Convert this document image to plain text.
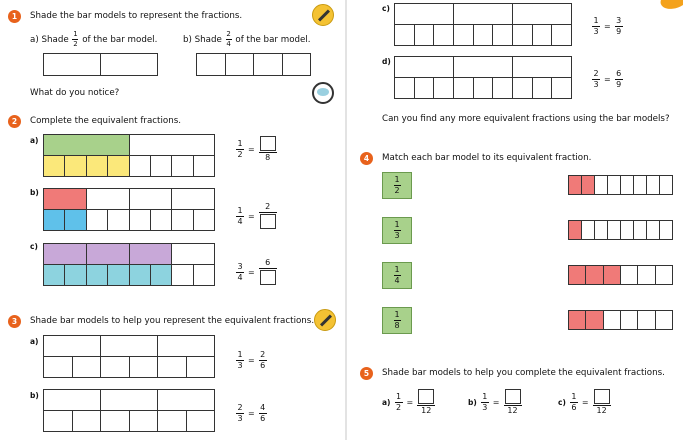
1	Shade the bar models to represent the fractions.
a) Shade $\frac{1}{2}$ of the bar model.	b) Shade $\frac{2}{4}$ of the bar model.
What do you notice?
2	Complete the equivalent fractions.
a)	1
2
=
8
b)
1
4
=
2
c)
3
4
=
6
3	Shade bar models to help you represent the equivalent fractions.
a)
1
3
=
2
6
b)
2
3
=
4
6
c)
1
3
=
3
9
d)
2
3
=
6
9
Can you find any more equivalent fractions using the bar models?
4	Match each bar model to its equivalent fraction.
1
2
1
3
1
4
1
8
5	Shade bar models to help you complete the equivalent fractions.
a)
1
2
=
12
b)
1
3
=
12
c)
1
6
=
12
